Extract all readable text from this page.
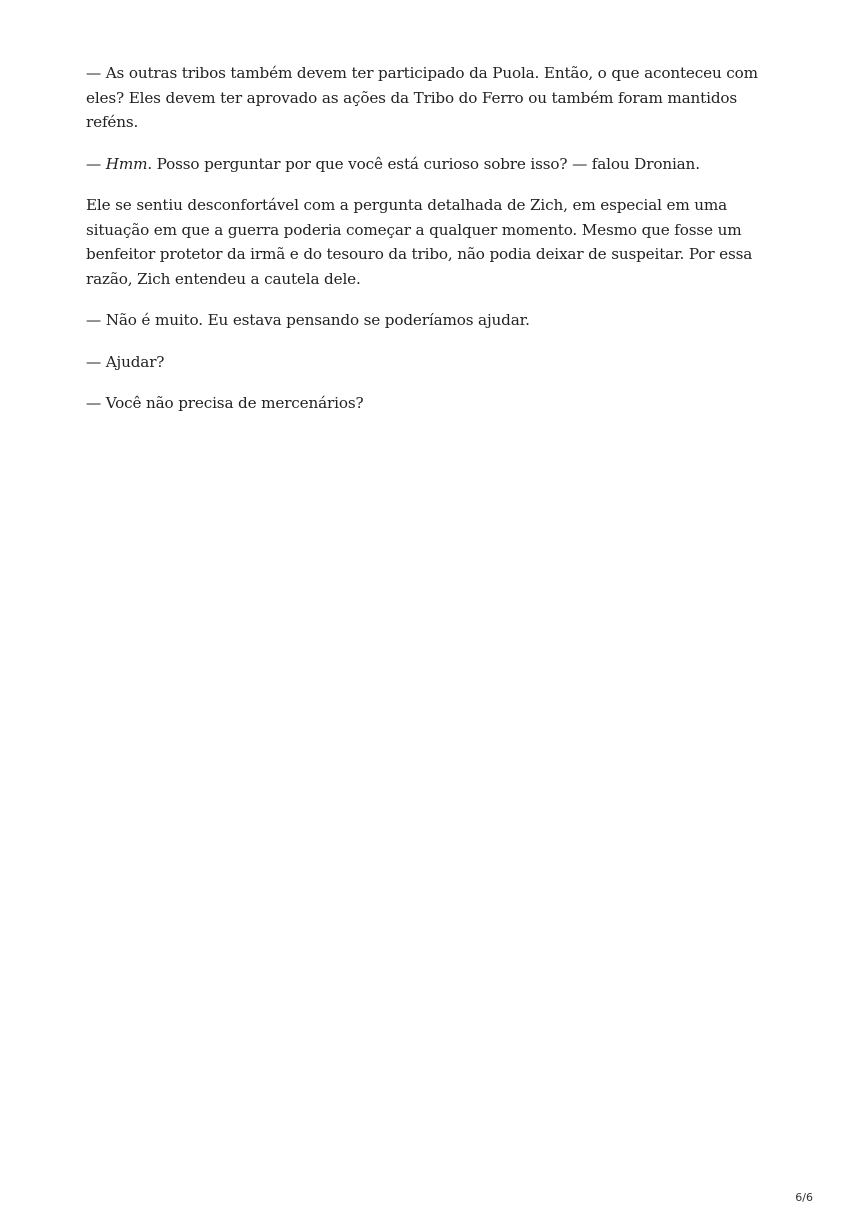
— As outras tribos também devem ter participado da Puola. Então, o que aconteceu com eles? Eles devem ter aprovado as ações da Tribo do Ferro ou também foram mantidos reféns.

— Hmm. Posso perguntar por que você está curioso sobre isso? — falou Dronian.

Ele se sentiu desconfortável com a pergunta detalhada de Zich, em especial em uma situação em que a guerra poderia começar a qualquer momento. Mesmo que fosse um benfeitor protetor da irmã e do tesouro da tribo, não podia deixar de suspeitar. Por essa razão, Zich entendeu a cautela dele.

— Não é muito. Eu estava pensando se poderíamos ajudar.

— Ajudar?

— Você não precisa de mercenários?

6/6
